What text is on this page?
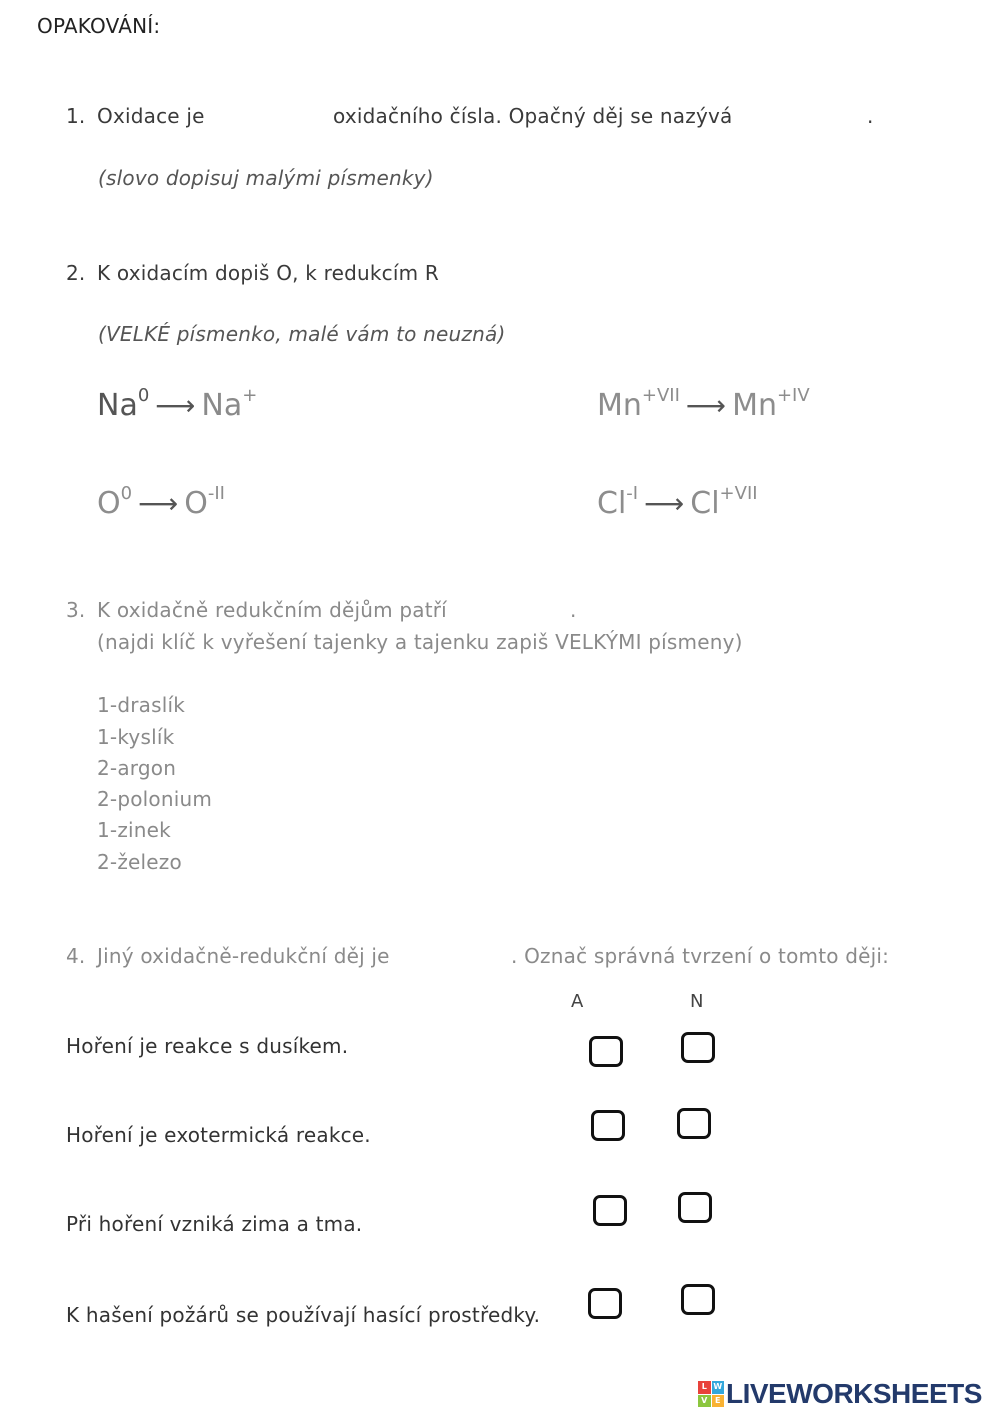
OPAKOVÁNÍ:
1. Oxidace je	oxidačního čísla. Opačný děj se nazývá	.
(slovo dopisuj malými písmenky)
2. K oxidacím dopiš O, k redukcím R
(VELKÉ písmenko, malé vám to neuzná)
Na$^0$ ⟶ Na+	$Mn^{+VII}$ ⟶ $Mn^{+IV}$
$O^0$ ⟶ $O^{-II}$	$Cl^{-I}$ ⟶ $Cl^{+VII}$
3. K oxidačně redukčním dějům patří	.
(najdi klíč k vyřešení tajenky a tajenku zapiš VELKÝMI písmeny)
1-draslík
1-kyslík
2-argon
2-polonium
1-zinek
2-železo
4. Jiný oxidačně-redukční děj je	. Označ správná tvrzení o tomto ději:
A	N
Hoření je reakce s dusíkem.
Hoření je exotermická reakce.
Při hoření vzniká zima a tma.
K hašení požárů se používají hasící prostředky.
L W
V E LIVEWORKSHEETS
